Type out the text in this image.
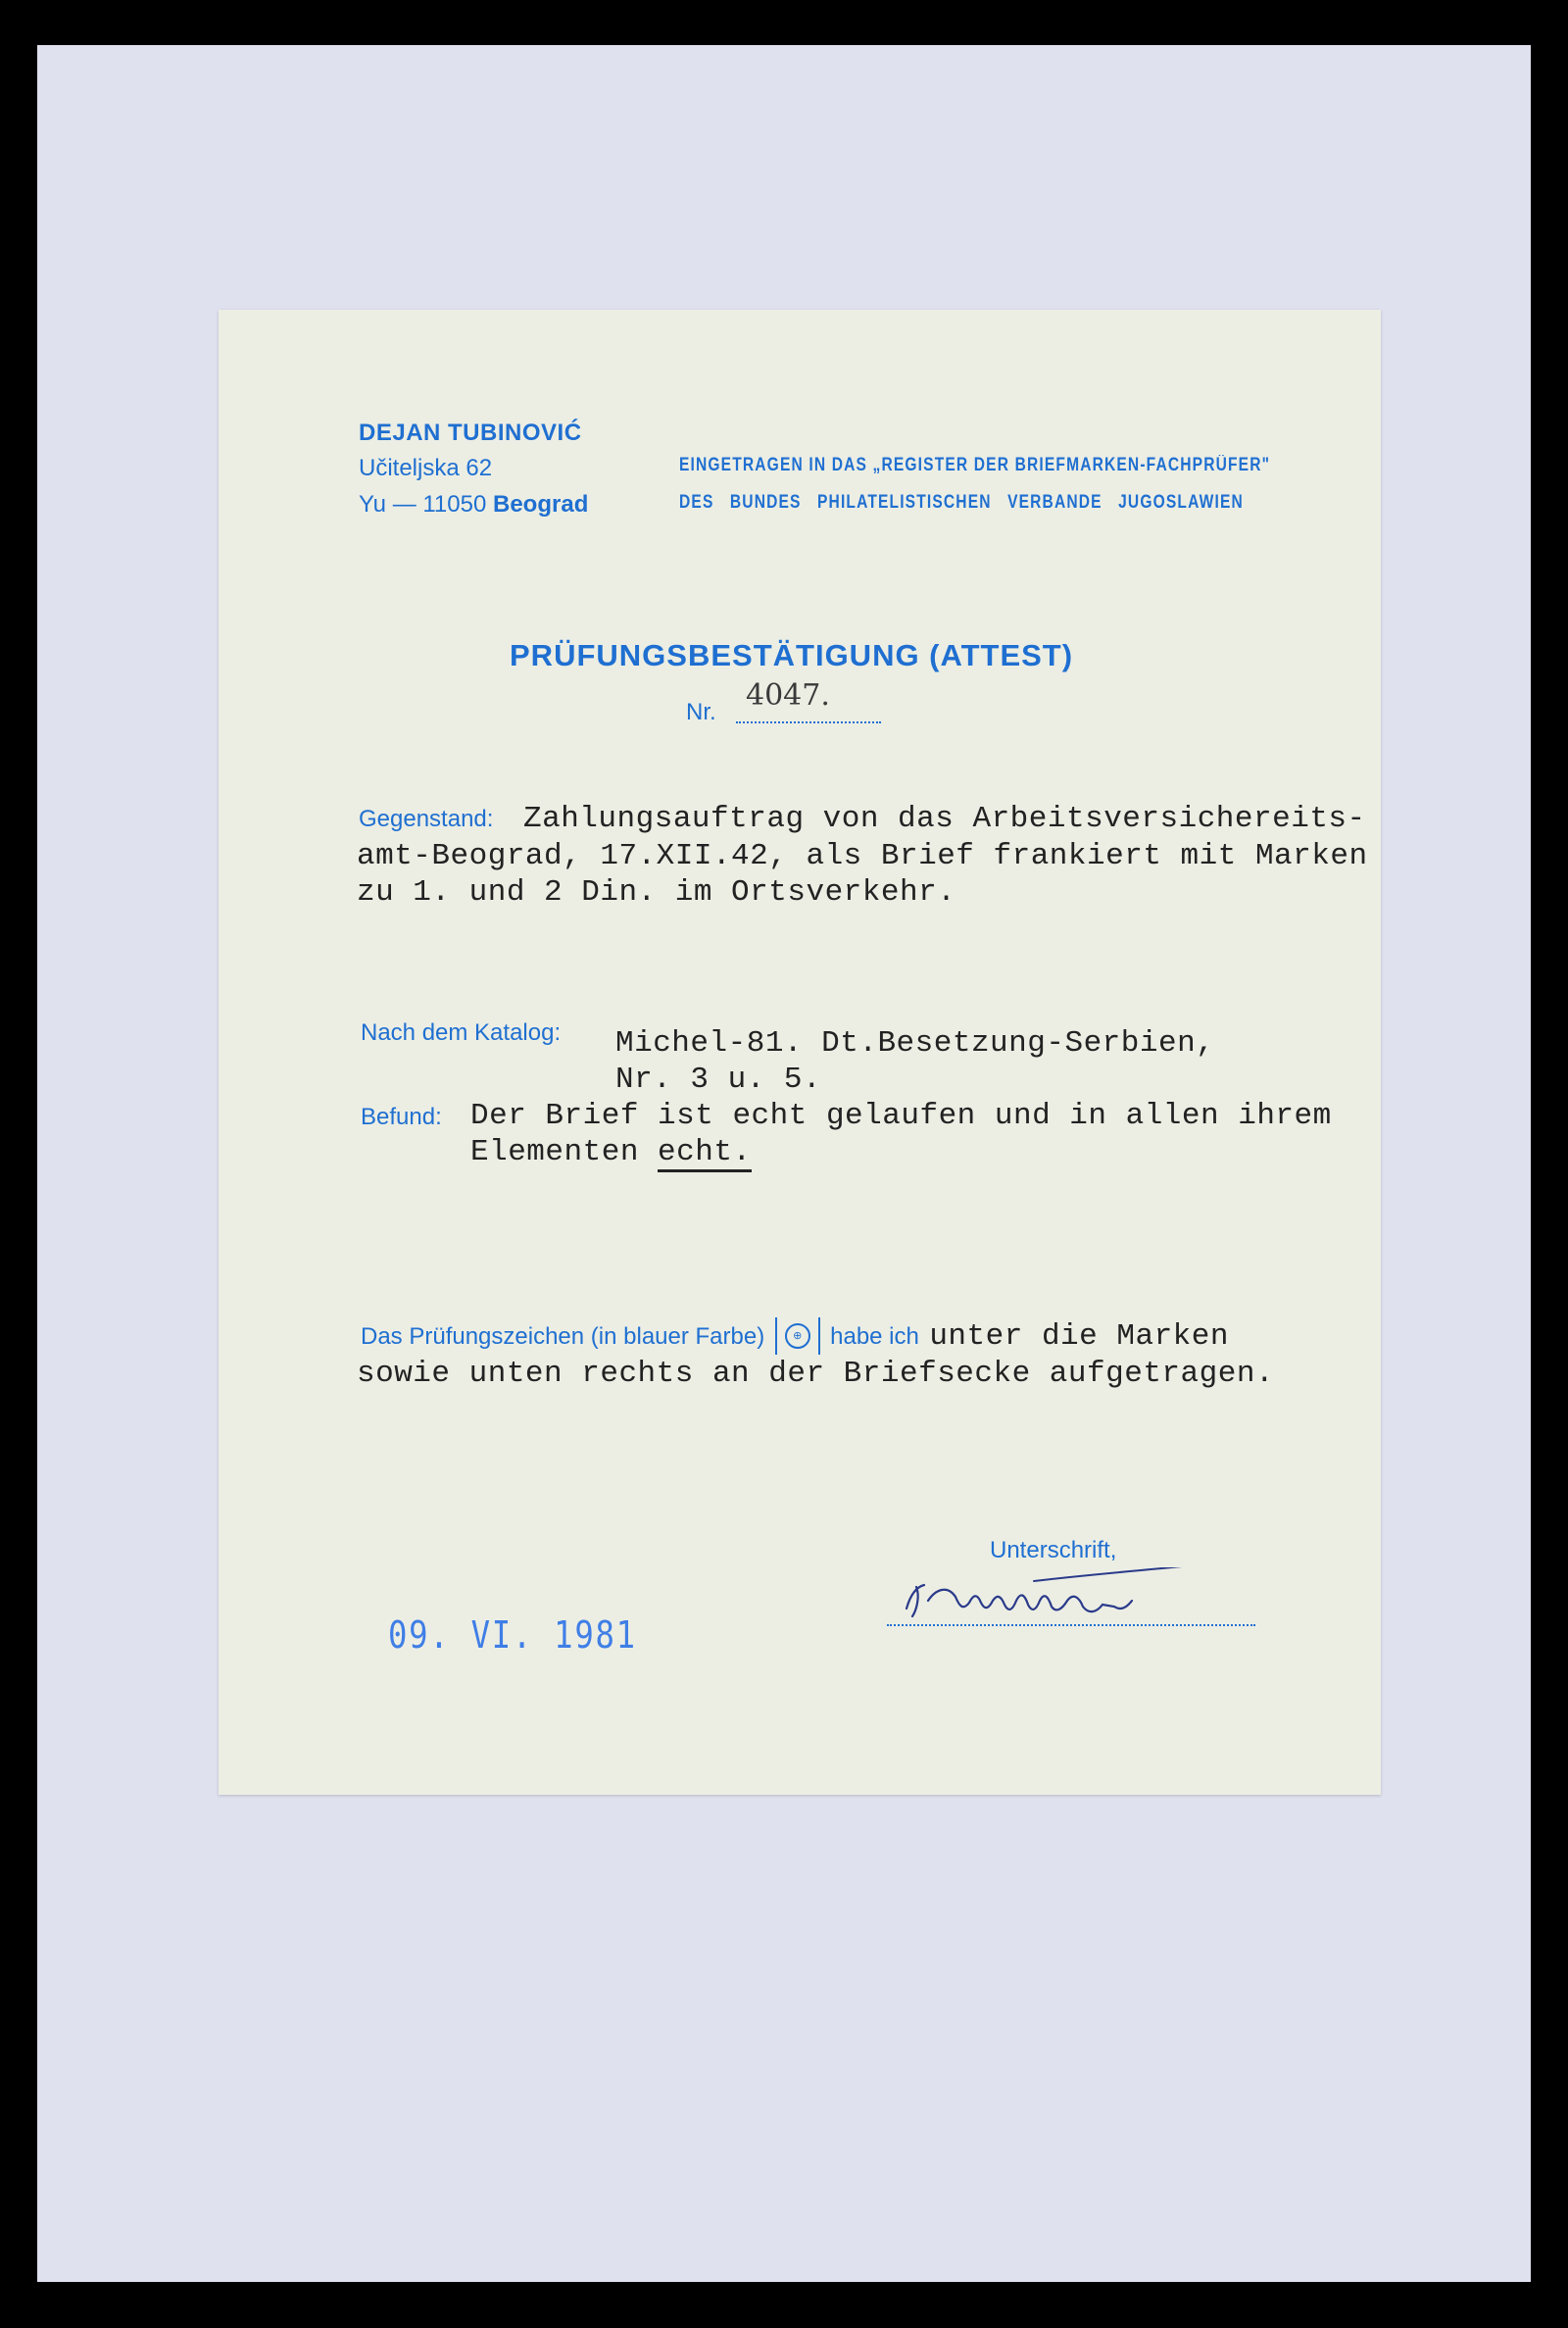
DEJAN TUBINOVIĆ
Učiteljska 62
Yu — 11050 Beograd
EINGETRAGEN IN DAS „REGISTER DER BRIEFMARKEN-FACHPRÜFER"
DES   BUNDES   PHILATELISTISCHEN   VERBANDE   JUGOSLAWIEN
PRÜFUNGSBESTÄTIGUNG (ATTEST)
Nr. 4047.
Gegenstand: Zahlungsauftrag von das Arbeitsversichereits-
amt-Beograd, 17.XII.42, als Brief frankiert mit Marken
zu 1. und 2 Din. im Ortsverkehr.
Nach dem Katalog: Michel-81. Dt.Besetzung-Serbien,
Nr. 3 u. 5.
Befund: Der Brief ist echt gelaufen und in allen ihrem
Elementen echt.
Das Prüfungszeichen (in blauer Farbe)	⊕	habe ich unter die Marken
sowie unten rechts an der Briefsecke aufgetragen.
Unterschrift,
09. VI. 1981
